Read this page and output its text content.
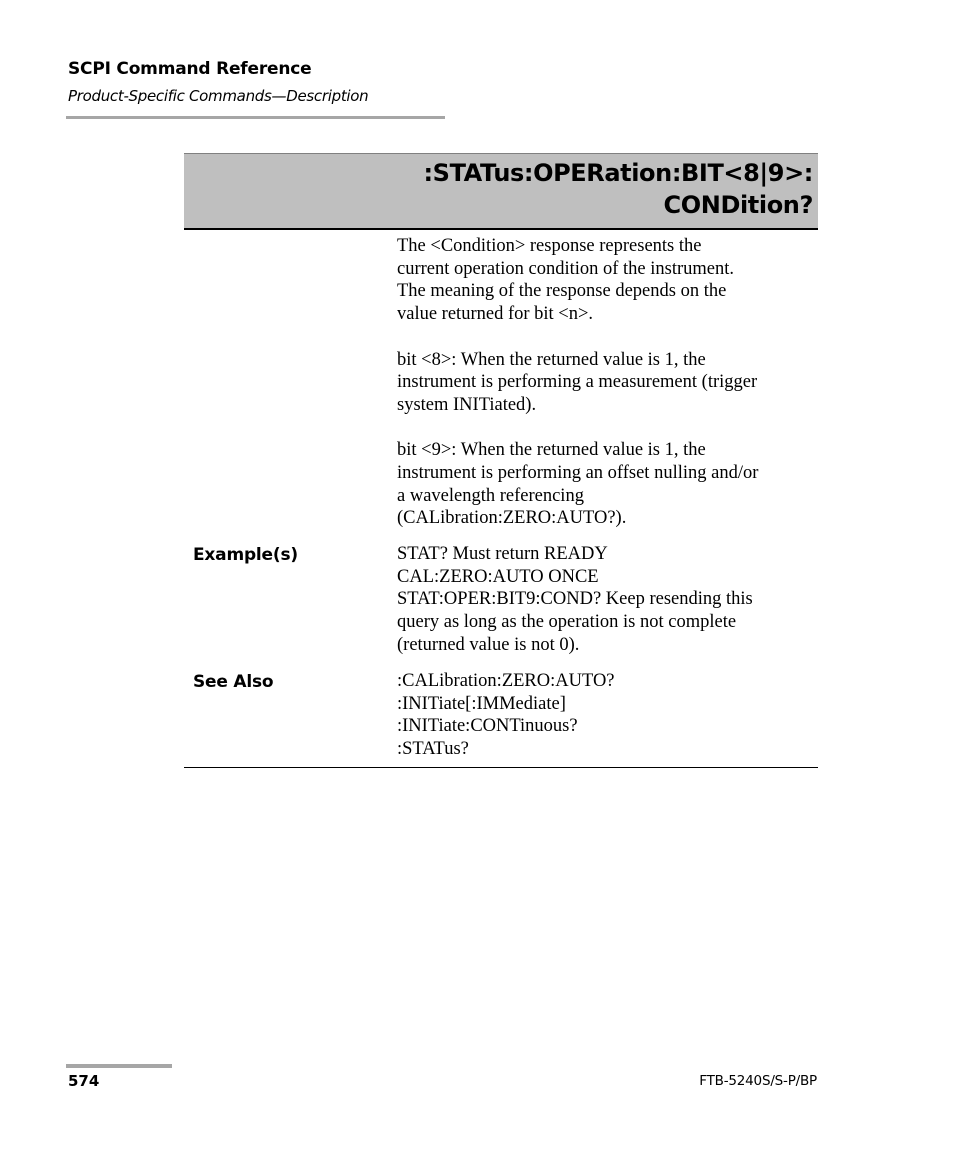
SCPI Command Reference
Product-Specific Commands—Description
:STATus:OPERation:BIT<8|9>:
CONDition?

The <Condition> response represents the
current operation condition of the instrument.
The meaning of the response depends on the
value returned for bit <n>.

bit <8>: When the returned value is 1, the
instrument is performing a measurement (trigger
system INITiated).

bit <9>: When the returned value is 1, the
instrument is performing an offset nulling and/or
a wavelength referencing
(CALibration:ZERO:AUTO?).

Example(s)	STAT? Must return READY
CAL:ZERO:AUTO ONCE
STAT:OPER:BIT9:COND? Keep resending this
query as long as the operation is not complete
(returned value is not 0).
See Also	:CALibration:ZERO:AUTO?
:INITiate[:IMMediate]
:INITiate:CONTinuous?
:STATus?
574	FTB-5240S/S-P/BP
